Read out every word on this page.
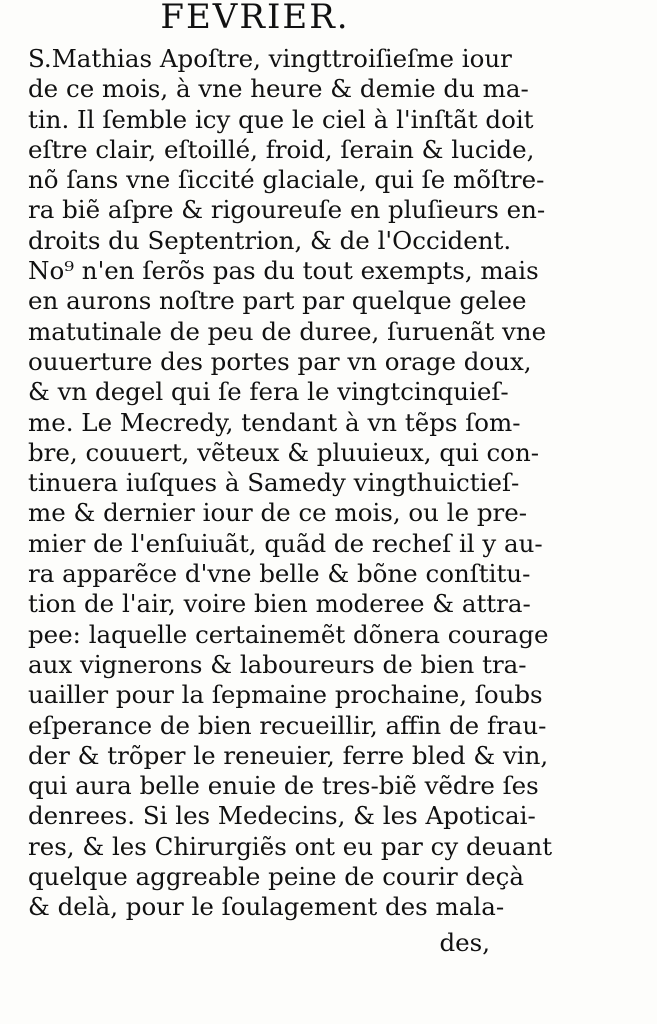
FEVRIER.
S.Mathias Apoſtre, vingttroiſieſme iour
de ce mois, à vne heure & demie du ma-
tin. Il ſemble icy que le ciel à l'inſtãt doit
eſtre clair, eſtoillé, froid, ſerain & lucide,
nõ ſans vne ſiccité glaciale, qui ſe mõſtre-
ra biẽ aſpre & rigoureuſe en pluſieurs en-
droits du Septentrion, & de l'Occident.
No⁹ n'en ſerõs pas du tout exempts, mais
en aurons noſtre part par quelque gelee
matutinale de peu de duree, ſuruenãt vne
ouuerture des portes par vn orage doux,
& vn degel qui ſe fera le vingtcinquieſ-
me. Le Mecredy, tendant à vn tẽps ſom-
bre, couuert, vẽteux & pluuieux, qui con-
tinuera iuſques à Samedy vingthuictieſ-
me & dernier iour de ce mois, ou le pre-
mier de l'enſuiuãt, quãd de recheſ il y au-
ra apparẽce d'vne belle & bõne conſtitu-
tion de l'air, voire bien moderee & attra-
pee: laquelle certainemẽt dõnera courage
aux vignerons & laboureurs de bien tra-
uailler pour la ſepmaine prochaine, ſoubs
eſperance de bien recueillir, affin de frau-
der & trõper le reneuier, ferre bled & vin,
qui aura belle enuie de tres-biẽ vẽdre ſes
denrees. Si les Medecins, & les Apoticai-
res, & les Chirurgiẽs ont eu par cy deuant
quelque aggreable peine de courir deçà
& delà, pour le ſoulagement des mala-
des,
